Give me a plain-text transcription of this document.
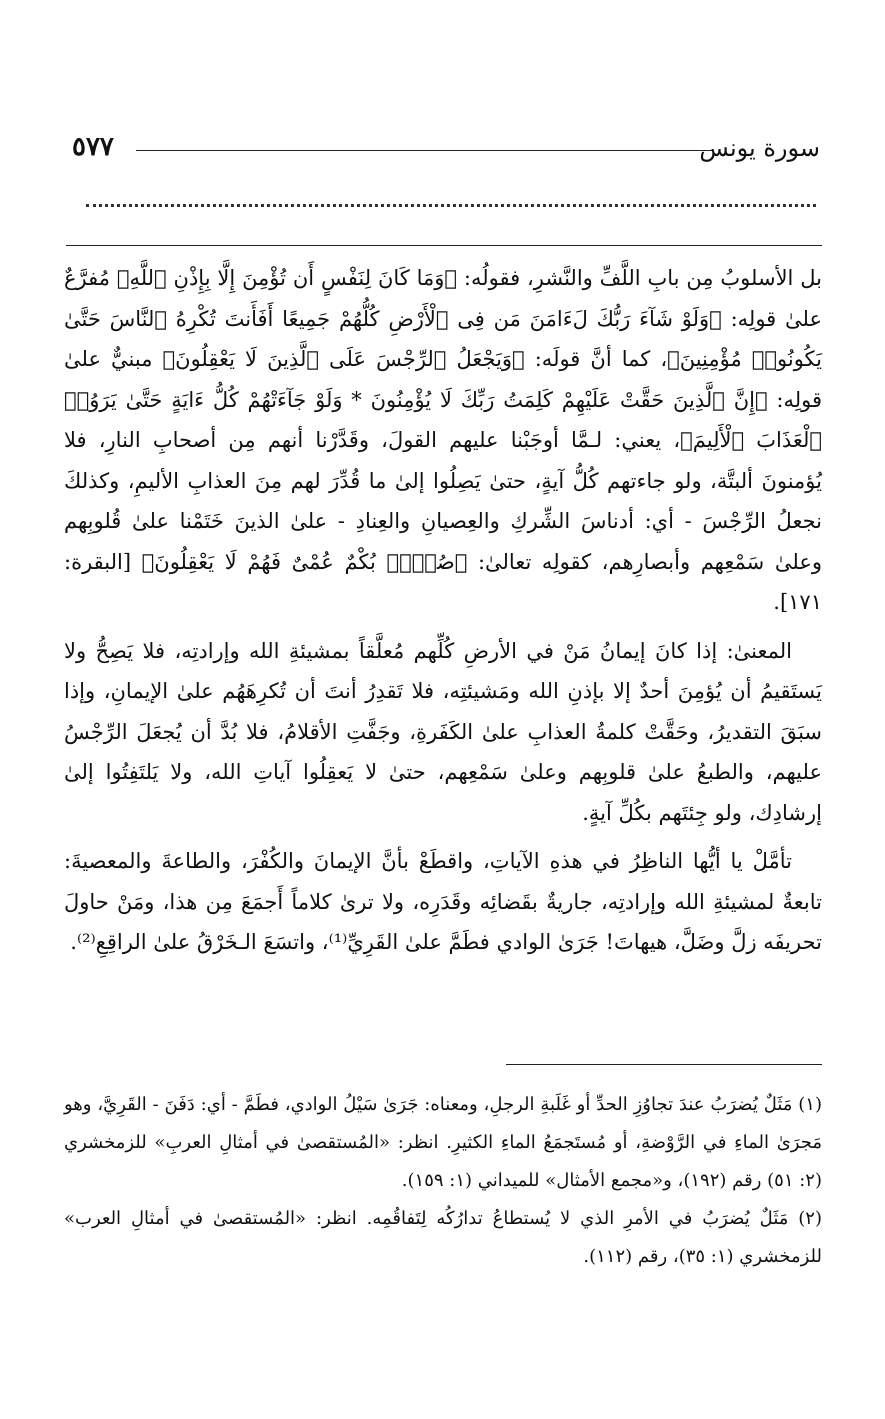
٥٧٧	سورة يونس

بل الأسلوبُ مِن بابِ اللَّفِّ والنَّشرِ، فقولُه: ﴿وَمَا كَانَ لِنَفْسٍ أَن تُؤْمِنَ إِلَّا بِإِذْنِ ٱللَّهِ﴾ مُفرَّعٌ علىٰ قولِه: ﴿وَلَوْ شَآءَ رَبُّكَ لَءَامَنَ مَن فِى ٱلْأَرْضِ كُلُّهُمْ جَمِيعًا أَفَأَنتَ تُكْرِهُ ٱلنَّاسَ حَتَّىٰ يَكُونُوا۟ مُؤْمِنِينَ﴾، كما أنَّ قولَه: ﴿وَيَجْعَلُ ٱلرِّجْسَ عَلَى ٱلَّذِينَ لَا يَعْقِلُونَ﴾ مبنيٌّ علىٰ قولِه: ﴿إِنَّ ٱلَّذِينَ حَقَّتْ عَلَيْهِمْ كَلِمَتُ رَبِّكَ لَا يُؤْمِنُونَ * وَلَوْ جَآءَتْهُمْ كُلُّ ءَايَةٍ حَتَّىٰ يَرَوُا۟ ٱلْعَذَابَ ٱلْأَلِيمَ﴾، يعني: لـمَّا أوجَبْنا عليهم القولَ، وقَدَّرْنا أنهم مِن أصحابِ النارِ، فلا يُؤمنونَ ألبتَّة، ولو جاءتهم كُلُّ آيةٍ، حتىٰ يَصِلُوا إلىٰ ما قُدِّرَ لهم مِنَ العذابِ الأليمِ، وكذلكَ نجعلُ الرِّجْسَ - أي: أدناسَ الشِّركِ والعِصيانِ والعِنادِ - علىٰ الذينَ خَتَمْنا علىٰ قُلوبِهم وعلىٰ سَمْعِهم وأبصارِهم، كقولِه تعالىٰ: ﴿صُمٌّۢ بُكْمٌ عُمْىٌ فَهُمْ لَا يَعْقِلُونَ﴾ [البقرة: ١٧١].

المعنىٰ: إذا كانَ إيمانُ مَنْ في الأرضِ كُلِّهم مُعلَّقاً بمشيئةِ الله وإرادتِه، فلا يَصِحُّ ولا يَستَقيمُ أن يُؤمِنَ أحدٌ إلا بإذنِ الله ومَشيئتِه، فلا تَقدِرُ أنتَ أن تُكرِهَهُم علىٰ الإيمانِ، وإذا سبَقَ التقديرُ، وحَقَّتْ كلمةُ العذابِ علىٰ الكَفَرةِ، وجَفَّتِ الأقلامُ، فلا بُدَّ أن يُجعَلَ الرِّجْسُ عليهم، والطبعُ علىٰ قلوبِهم وعلىٰ سَمْعِهم، حتىٰ لا يَعقِلُوا آياتِ الله، ولا يَلتَفِتُوا إلىٰ إرشادِك، ولو جِئتَهم بكُلِّ آيةٍ.

تأمَّلْ يا أيُّها الناظِرُ في هذهِ الآياتِ، واقطَعْ بأنَّ الإيمانَ والكُفْرَ، والطاعةَ والمعصيةَ: تابعةٌ لمشيئةِ الله وإرادتِه، جاريةٌ بقَضائِه وقَدَرِه، ولا ترىٰ كلاماً أَجمَعَ مِن هذا، ومَنْ حاولَ تحريفَه زلَّ وضَلَّ، هيهاتَ! جَرَىٰ الوادي فطَمَّ علىٰ القَرِيِّ⁽¹⁾، واتسَعَ الـخَرْقُ علىٰ الراقِعِ⁽²⁾.

(١) مَثَلٌ يُضرَبُ عندَ تجاوُزِ الحدِّ أو غَلَبةِ الرجلِ، ومعناه: جَرَىٰ سَيْلُ الوادي، فطَمَّ - أي: دَفَنَ - القَرِيَّ، وهو مَجرَىٰ الماءِ في الرَّوْضةِ، أو مُستَجمَعُ الماءِ الكثيرِ. انظر: «المُستقصىٰ في أمثالِ العربِ» للزمخشري (٢: ٥١) رقم (١٩٢)، و«مجمع الأمثال» للميداني (١: ١٥٩).

(٢) مَثَلٌ يُضرَبُ في الأمرِ الذي لا يُستطاعُ تدارُكُه لِتَفاقُمِه. انظر: «المُستقصىٰ في أمثالِ العرب» للزمخشري (١: ٣٥)، رقم (١١٢).
